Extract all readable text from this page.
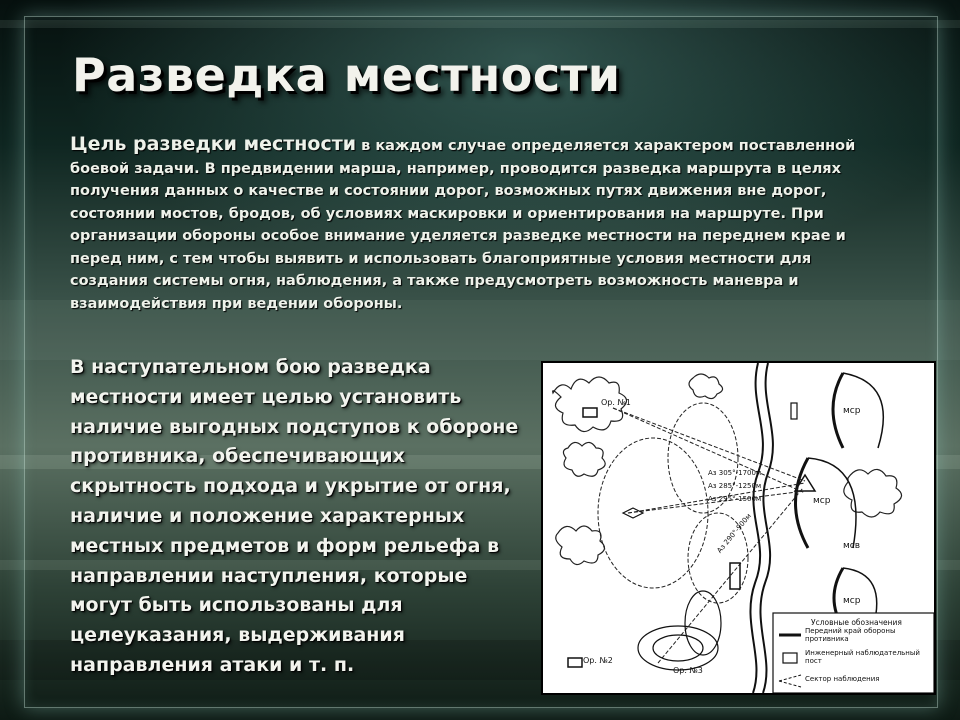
Разведка местности

Цель разведки местности в каждом случае определяется характером поставленной боевой задачи. В предвидении марша, например, проводится разведка маршрута в целях получения данных о качестве и состоянии дорог, возможных путях движения вне дорог, состоянии мостов, бродов, об условиях маскировки и ориентирования на маршруте. При организации обороны особое внимание уделяется разведке местности на переднем крае и перед ним, с тем чтобы выявить и использовать благоприятные условия местности для создания системы огня, наблюдения, а также предусмотреть возможность маневра и взаимодействия при ведении обороны.

В наступательном бою разведка местности имеет целью установить наличие выгодных подступов к обороне противника, обеспечивающих скрытность подхода и укрытие от огня, наличие и положение характерных местных предметов и форм рельефа в направлении наступления, которые могут быть использованы для целеуказания, выдерживания направления атаки и т. п.

мср
мср
мср
мсв
Ор. №1
Ор. №2
Ор. №3
Аз 305°-1700м
Аз 285°-1250м
Аз 295°-1500м
Аз 290°-900м
Условные обозначения
Передний край обороны противника
Инженерный наблюдательный пост
Сектор наблюдения
